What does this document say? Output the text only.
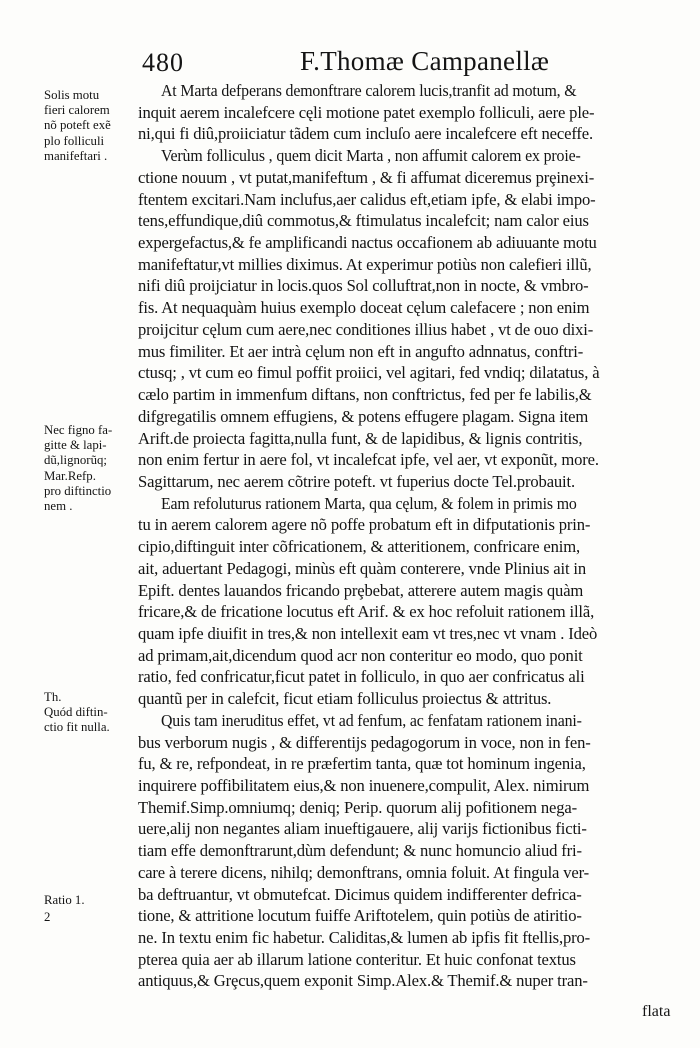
480	F.Thomæ Campanellæ
Solis motu
fieri calorem
nõ poteft exẽ
plo folliculi
manifeftari .
Nec figno fa-
gitte & lapi-
dũ,lignorũq;
Mar.Refp.
pro diftinctio
nem .
Th.
Quód diftin-
ctio fit nulla.
Ratio 1.
2
At Marta defperans demonftrare calorem lucis,tranfit ad motum, &
inquit aerem incalefcere cęli motione patet exemplo folliculi, aere ple-
ni,qui fi diû,proiiciatur tãdem cum incluſo aere incalefcere eft neceffe.
Verùm folliculus , quem dicit Marta , non affumit calorem ex proie-
ctione nouum , vt putat,manifeftum , & fi affumat diceremus prȩinexi-
ftentem excitari.Nam inclufus,aer calidus eft,etiam ipfe, & elabi impo-
tens,effundique,diû commotus,& ftimulatus incalefcit; nam calor eius
expergefactus,& fe amplificandi nactus occafionem ab adiuuante motu
manifeftatur,vt millies diximus. At experimur potiùs non calefieri illũ,
nifi diû proijciatur in locis.quos Sol colluftrat,non in nocte, & vmbro-
fis. At nequaquàm huius exemplo doceat cęlum calefacere ; non enim
proijcitur cęlum cum aere,nec conditiones illius habet , vt de ouo dixi-
mus fimiliter. Et aer intrà cęlum non eft in angufto adnnatus, conftri-
ctusq; , vt cum eo fimul poffit proiici, vel agitari, fed vndiq; dilatatus, à
cælo partim in immenfum diftans, non conftrictus, fed per fe labilis,&
difgregatilis omnem effugiens, & potens effugere plagam. Signa item
Arift.de proiecta fagitta,nulla funt, & de lapidibus, & lignis contritis,
non enim fertur in aere fol, vt incalefcat ipfe, vel aer, vt exponũt, more.
Sagittarum, nec aerem cõtrire poteft. vt fuperius docte Tel.probauit.
Eam refoluturus rationem Marta, qua cęlum, & folem in primis mo
tu in aerem calorem agere nõ poffe probatum eft in difputationis prin-
cipio,diftinguit inter cõfricationem, & atteritionem, confricare enim,
ait, aduertant Pedagogi, minùs eft quàm conterere, vnde Plinius ait in
Epift. dentes lauandos fricando prȩbebat, atterere autem magis quàm
fricare,& de fricatione locutus eft Arif. & ex hoc refoluit rationem illã,
quam ipfe diuifit in tres,& non intellexit eam vt tres,nec vt vnam . Ideò
ad primam,ait,dicendum quod acr non conteritur eo modo, quo ponit
ratio, fed confricatur,ficut patet in folliculo, in quo aer confricatus ali
quantũ per in calefcit, ficut etiam folliculus proiectus & attritus.
Quis tam ineruditus effet, vt ad fenfum, ac fenfatam rationem inani-
bus verborum nugis , & differentijs pedagogorum in voce, non in fen-
fu, & re, refpondeat, in re præfertim tanta, quæ tot hominum ingenia,
inquirere poffibilitatem eius,& non inuenere,compulit, Alex. nimirum
Themif.Simp.omniumq; deniq; Perip. quorum alij pofitionem nega-
uere,alij non negantes aliam inueftigauere, alij varijs fictionibus ficti-
tiam effe demonftrarunt,dùm defendunt; & nunc homuncio aliud fri-
care à terere dicens, nihilq; demonftrans, omnia foluit. At fingula ver-
ba deftruantur, vt obmutefcat. Dicimus quidem indifferenter defrica-
tione, & attritione locutum fuiffe Ariftotelem, quin potiùs de atiritio-
ne. In textu enim fic habetur. Caliditas,& lumen ab ipfis fit ftellis,pro-
pterea quia aer ab illarum latione conteritur. Et huic confonat textus
antiquus,& Grȩcus,quem exponit Simp.Alex.& Themif.& nuper tran-
flata
